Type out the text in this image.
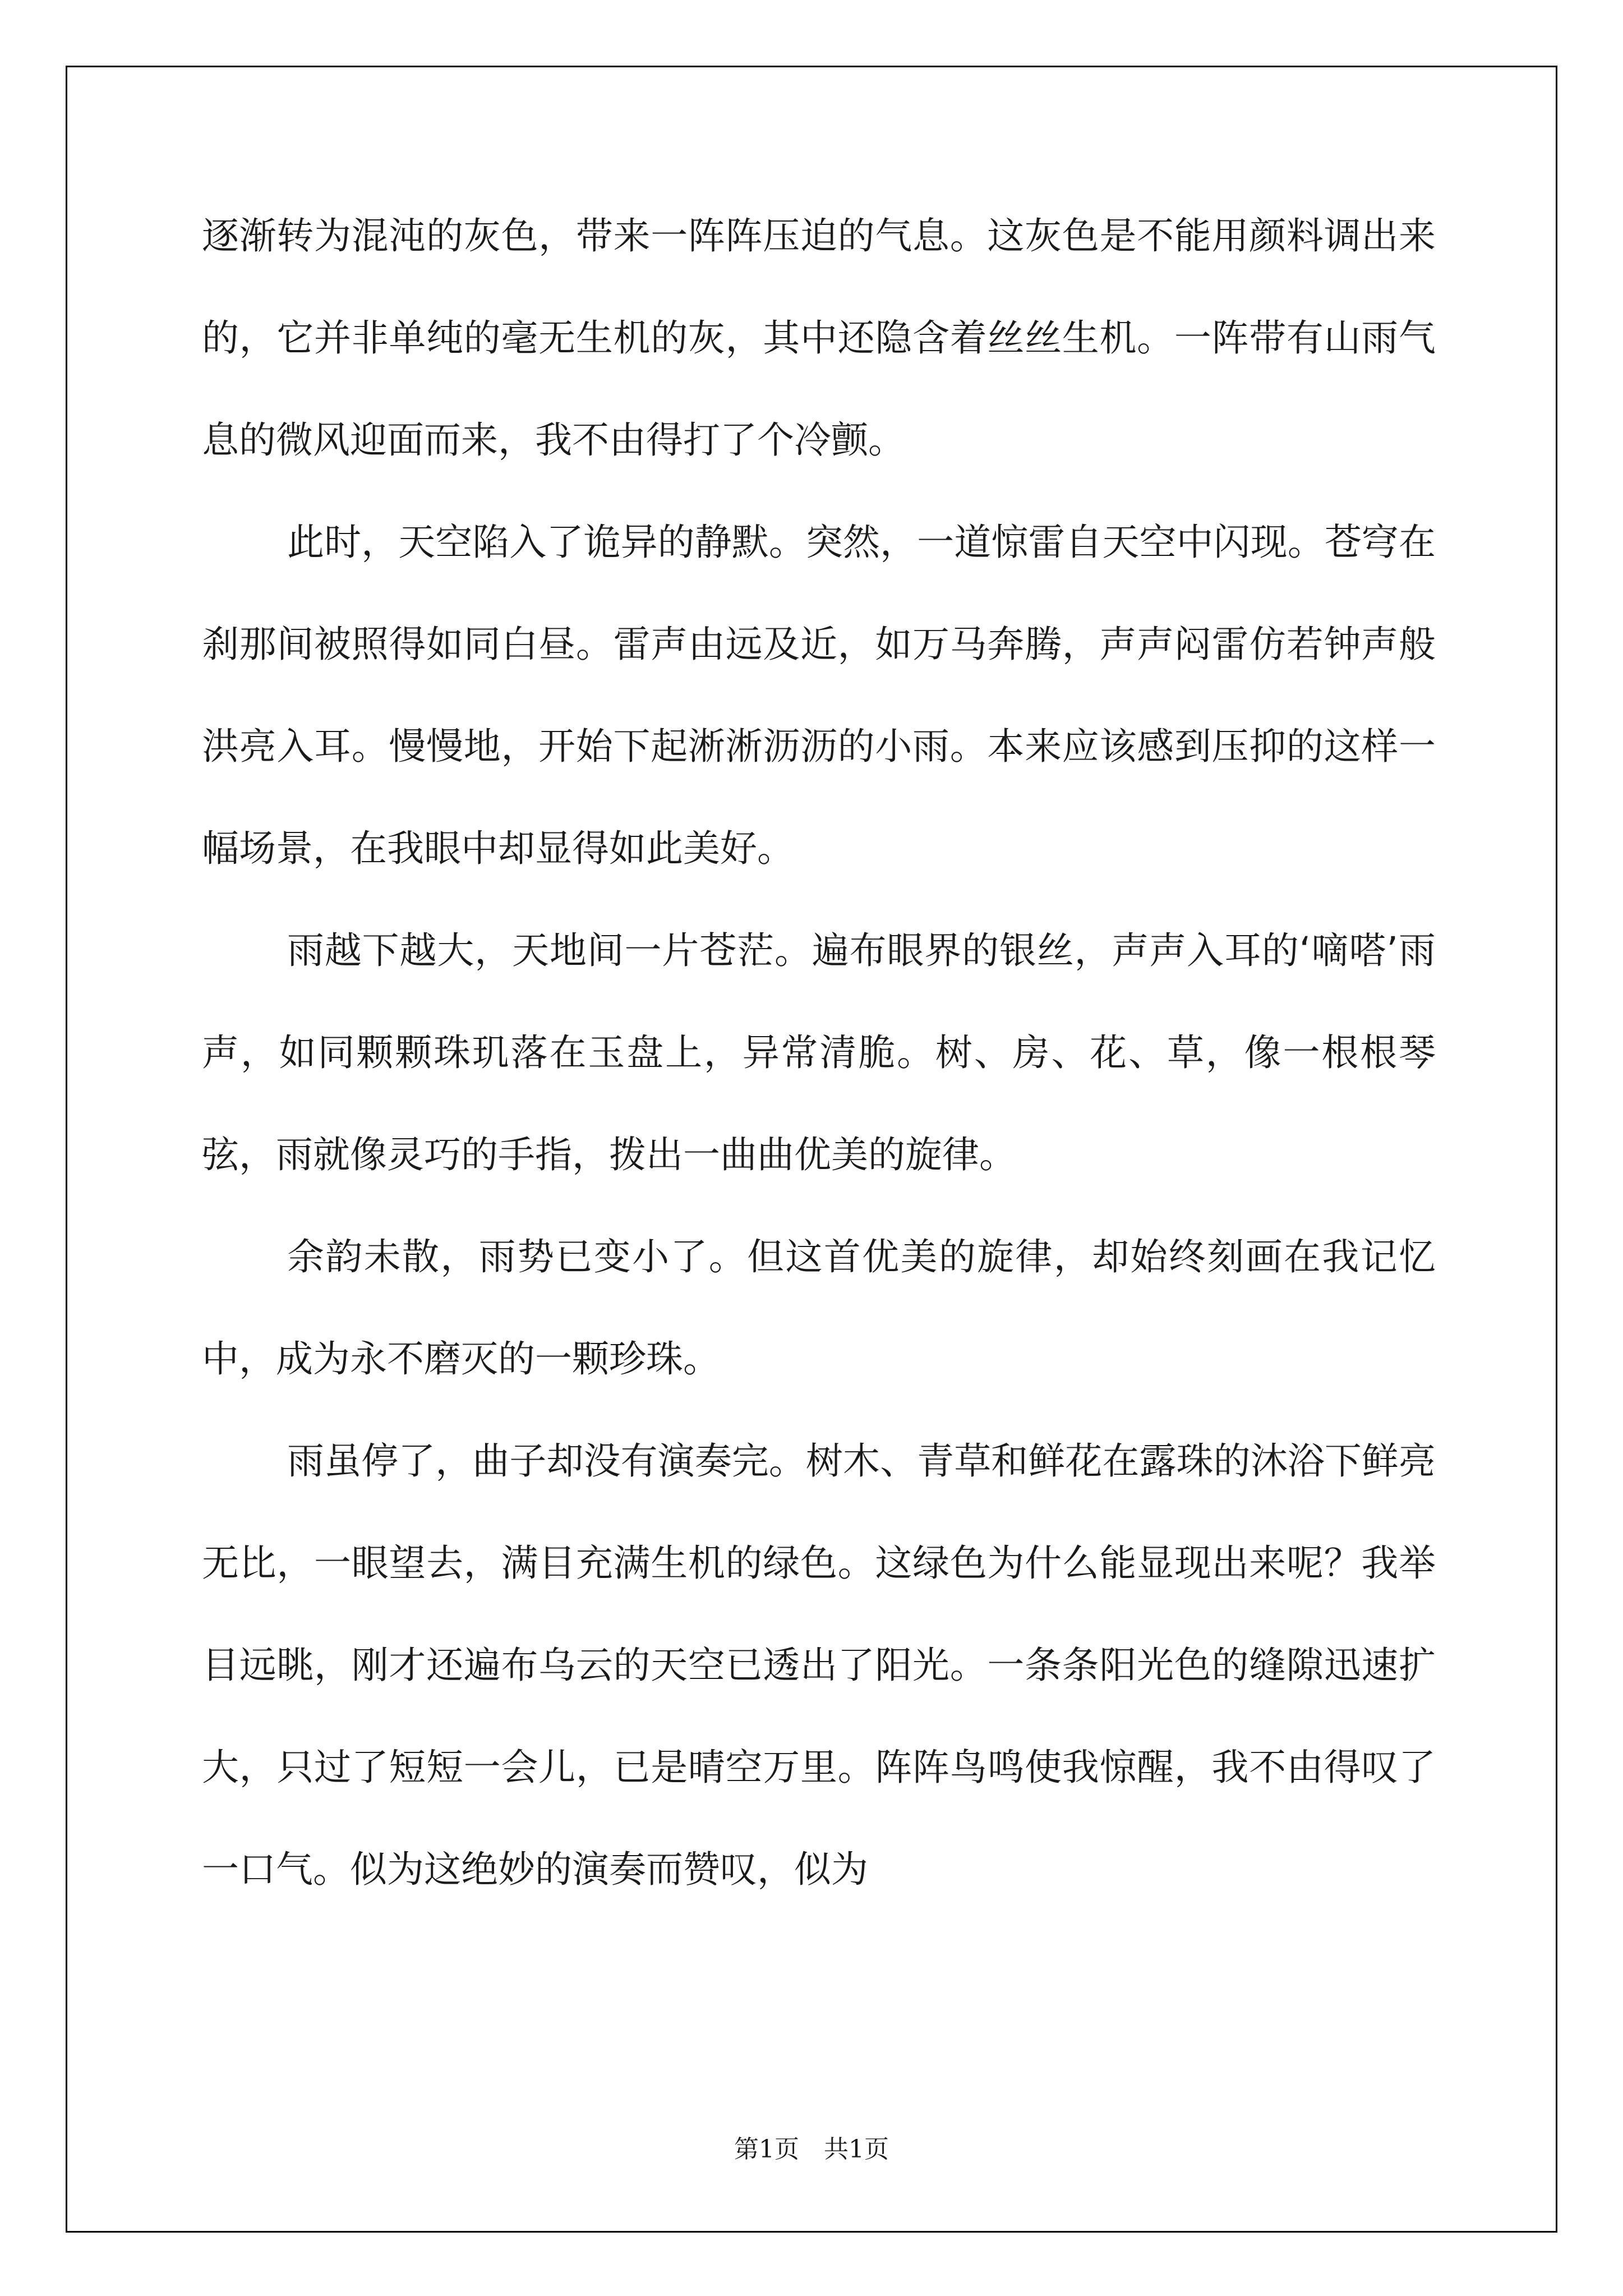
逐渐转为混沌的灰色，带来一阵阵压迫的气息。这灰色是不能用颜料调出来的，它并非单纯的毫无生机的灰，其中还隐含着丝丝生机。一阵带有山雨气息的微风迎面而来，我不由得打了个冷颤。

此时，天空陷入了诡异的静默。突然，一道惊雷自天空中闪现。苍穹在刹那间被照得如同白昼。雷声由远及近，如万马奔腾，声声闷雷仿若钟声般洪亮入耳。慢慢地，开始下起淅淅沥沥的小雨。本来应该感到压抑的这样一幅场景，在我眼中却显得如此美好。

雨越下越大，天地间一片苍茫。遍布眼界的银丝，声声入耳的‘嘀嗒’雨声，如同颗颗珠玑落在玉盘上，异常清脆。树、房、花、草，像一根根琴弦，雨就像灵巧的手指，拨出一曲曲优美的旋律。

余韵未散，雨势已变小了。但这首优美的旋律，却始终刻画在我记忆中，成为永不磨灭的一颗珍珠。

雨虽停了，曲子却没有演奏完。树木、青草和鲜花在露珠的沐浴下鲜亮无比，一眼望去，满目充满生机的绿色。这绿色为什么能显现出来呢？我举目远眺，刚才还遍布乌云的天空已透出了阳光。一条条阳光色的缝隙迅速扩大，只过了短短一会儿，已是晴空万里。阵阵鸟鸣使我惊醒，我不由得叹了一口气。似为这绝妙的演奏而赞叹，似为

第1页　共1页
